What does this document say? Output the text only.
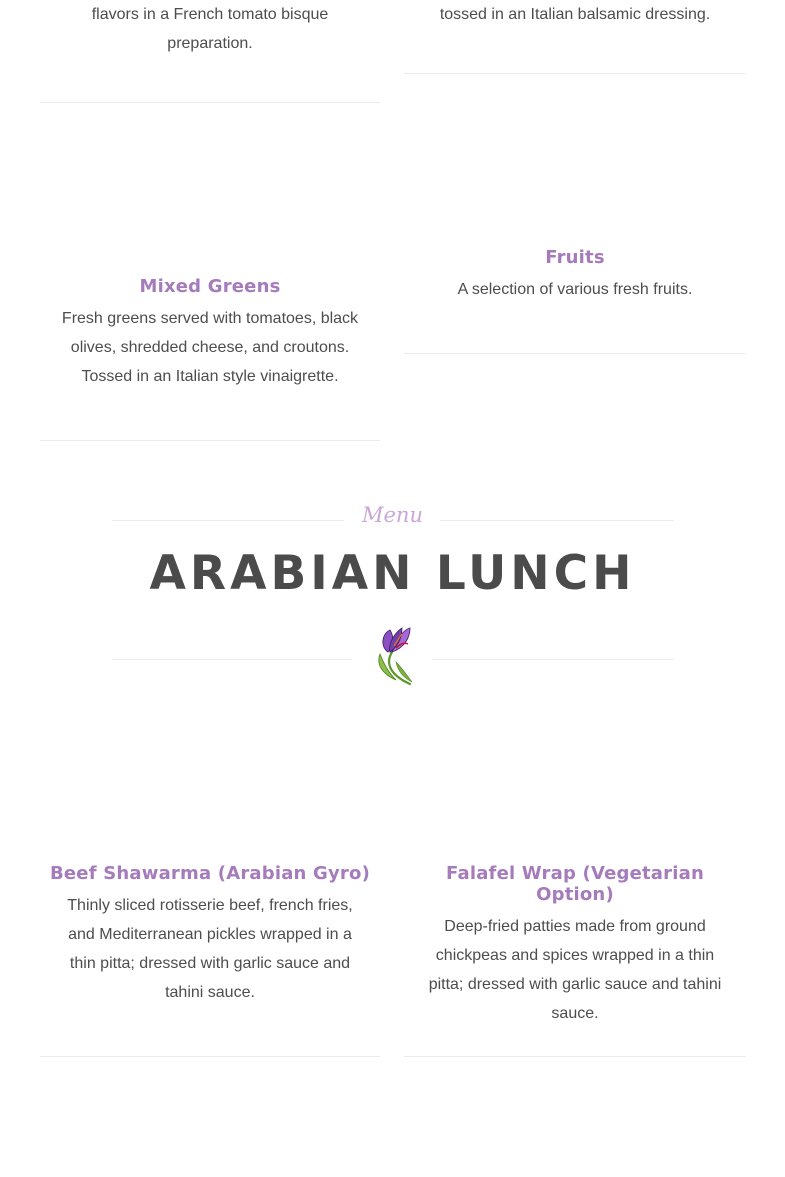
flavors in a French tomato bisque preparation.

tossed in an Italian balsamic dressing.

Mixed Greens

Fresh greens served with tomatoes, black olives, shredded cheese, and croutons. Tossed in an Italian style vinaigrette.

Fruits

A selection of various fresh fruits.

Menu
ARABIAN LUNCH
Beef Shawarma (Arabian Gyro)

Thinly sliced rotisserie beef, french fries, and Mediterranean pickles wrapped in a thin pitta; dressed with garlic sauce and tahini sauce.

Falafel Wrap (Vegetarian Option)

Deep-fried patties made from ground chickpeas and spices wrapped in a thin pitta; dressed with garlic sauce and tahini sauce.
